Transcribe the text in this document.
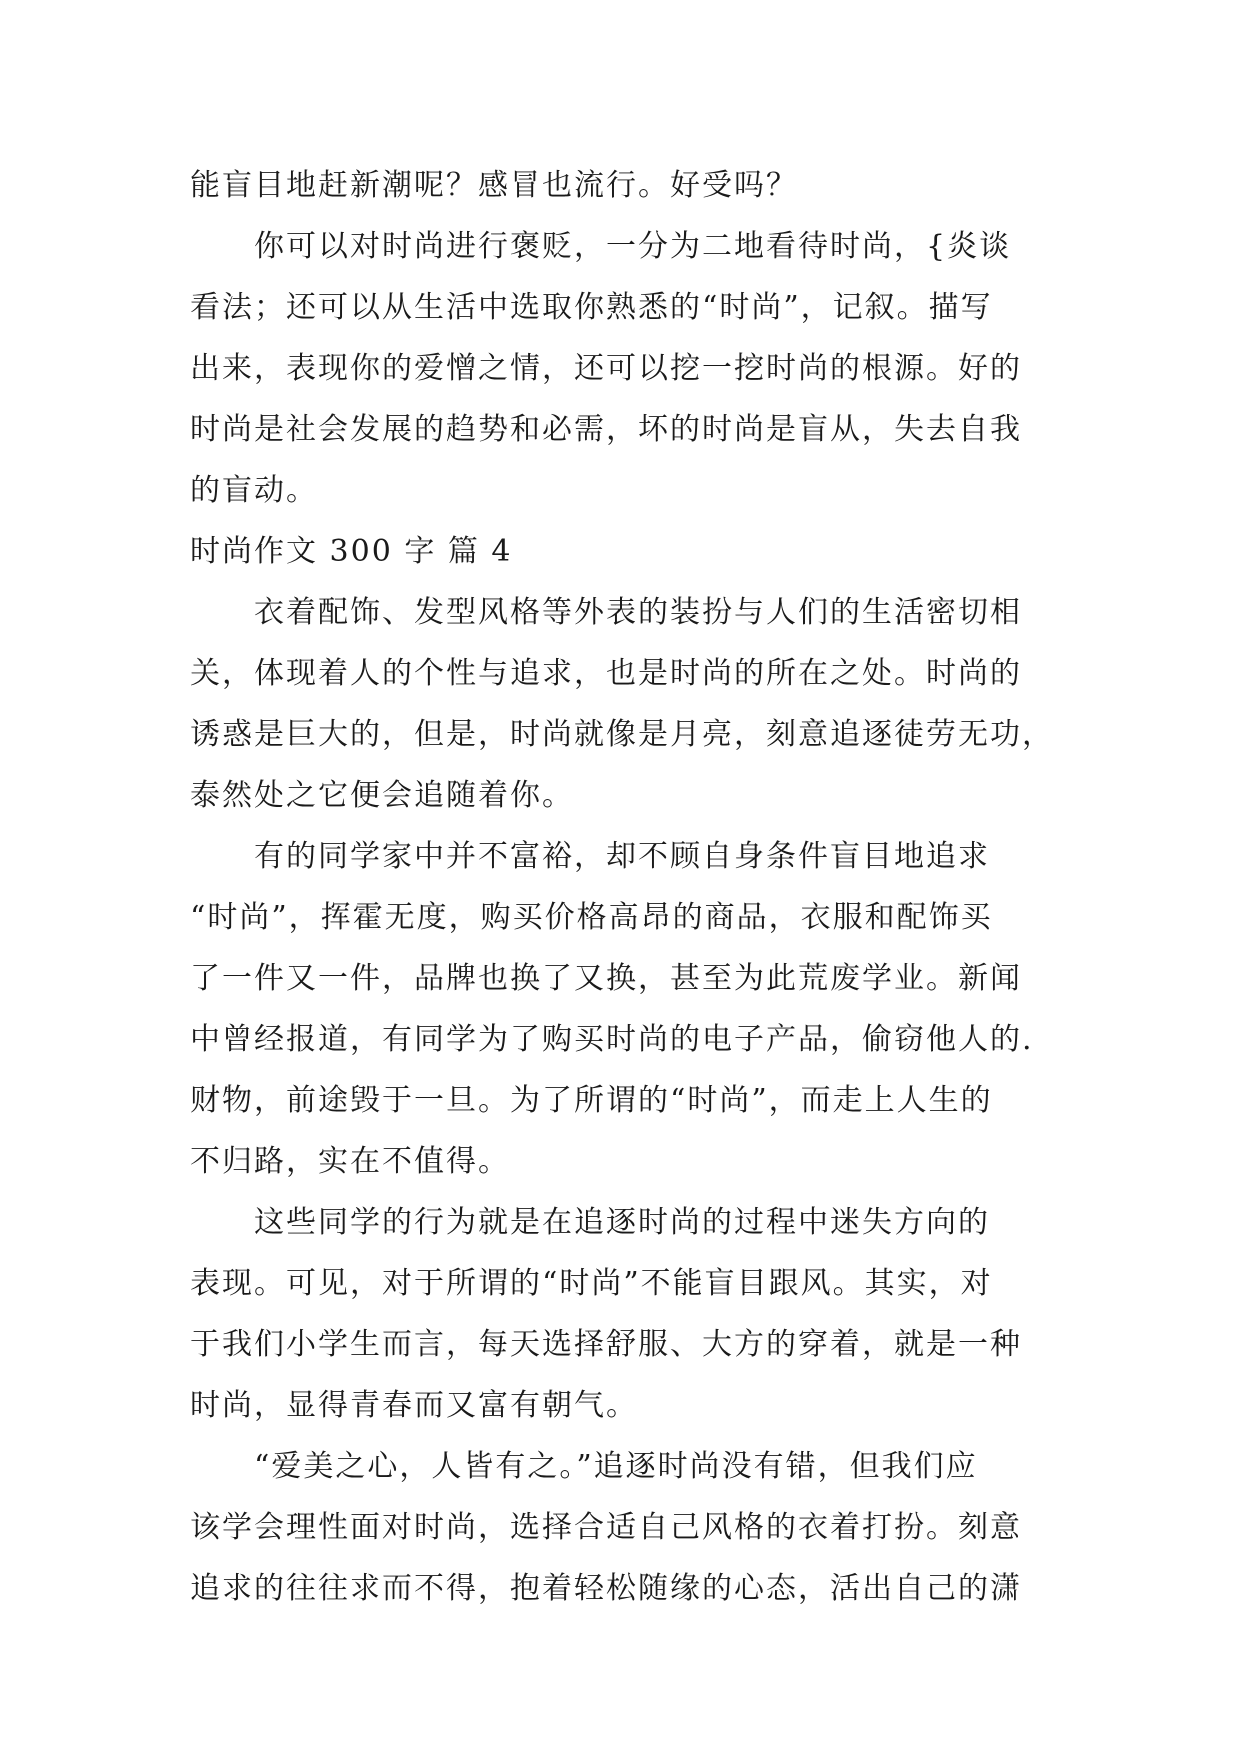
能盲目地赶新潮呢？感冒也流行。好受吗？
你可以对时尚进行褒贬，一分为二地看待时尚，{炎谈
看法；还可以从生活中选取你熟悉的“时尚”，记叙。描写
出来，表现你的爱憎之情，还可以挖一挖时尚的根源。好的
时尚是社会发展的趋势和必需，坏的时尚是盲从，失去自我
的盲动。
时尚作文 300 字 篇 4
衣着配饰、发型风格等外表的装扮与人们的生活密切相
关，体现着人的个性与追求，也是时尚的所在之处。时尚的
诱惑是巨大的，但是，时尚就像是月亮，刻意追逐徒劳无功，
泰然处之它便会追随着你。
有的同学家中并不富裕，却不顾自身条件盲目地追求
“时尚”，挥霍无度，购买价格高昂的商品，衣服和配饰买
了一件又一件，品牌也换了又换，甚至为此荒废学业。新闻
中曾经报道，有同学为了购买时尚的电子产品，偷窃他人的.
财物，前途毁于一旦。为了所谓的“时尚”，而走上人生的
不归路，实在不值得。
这些同学的行为就是在追逐时尚的过程中迷失方向的
表现。可见，对于所谓的“时尚”不能盲目跟风。其实，对
于我们小学生而言，每天选择舒服、大方的穿着，就是一种
时尚，显得青春而又富有朝气。
“爱美之心，人皆有之。”追逐时尚没有错，但我们应
该学会理性面对时尚，选择合适自己风格的衣着打扮。刻意
追求的往往求而不得，抱着轻松随缘的心态，活出自己的潇
